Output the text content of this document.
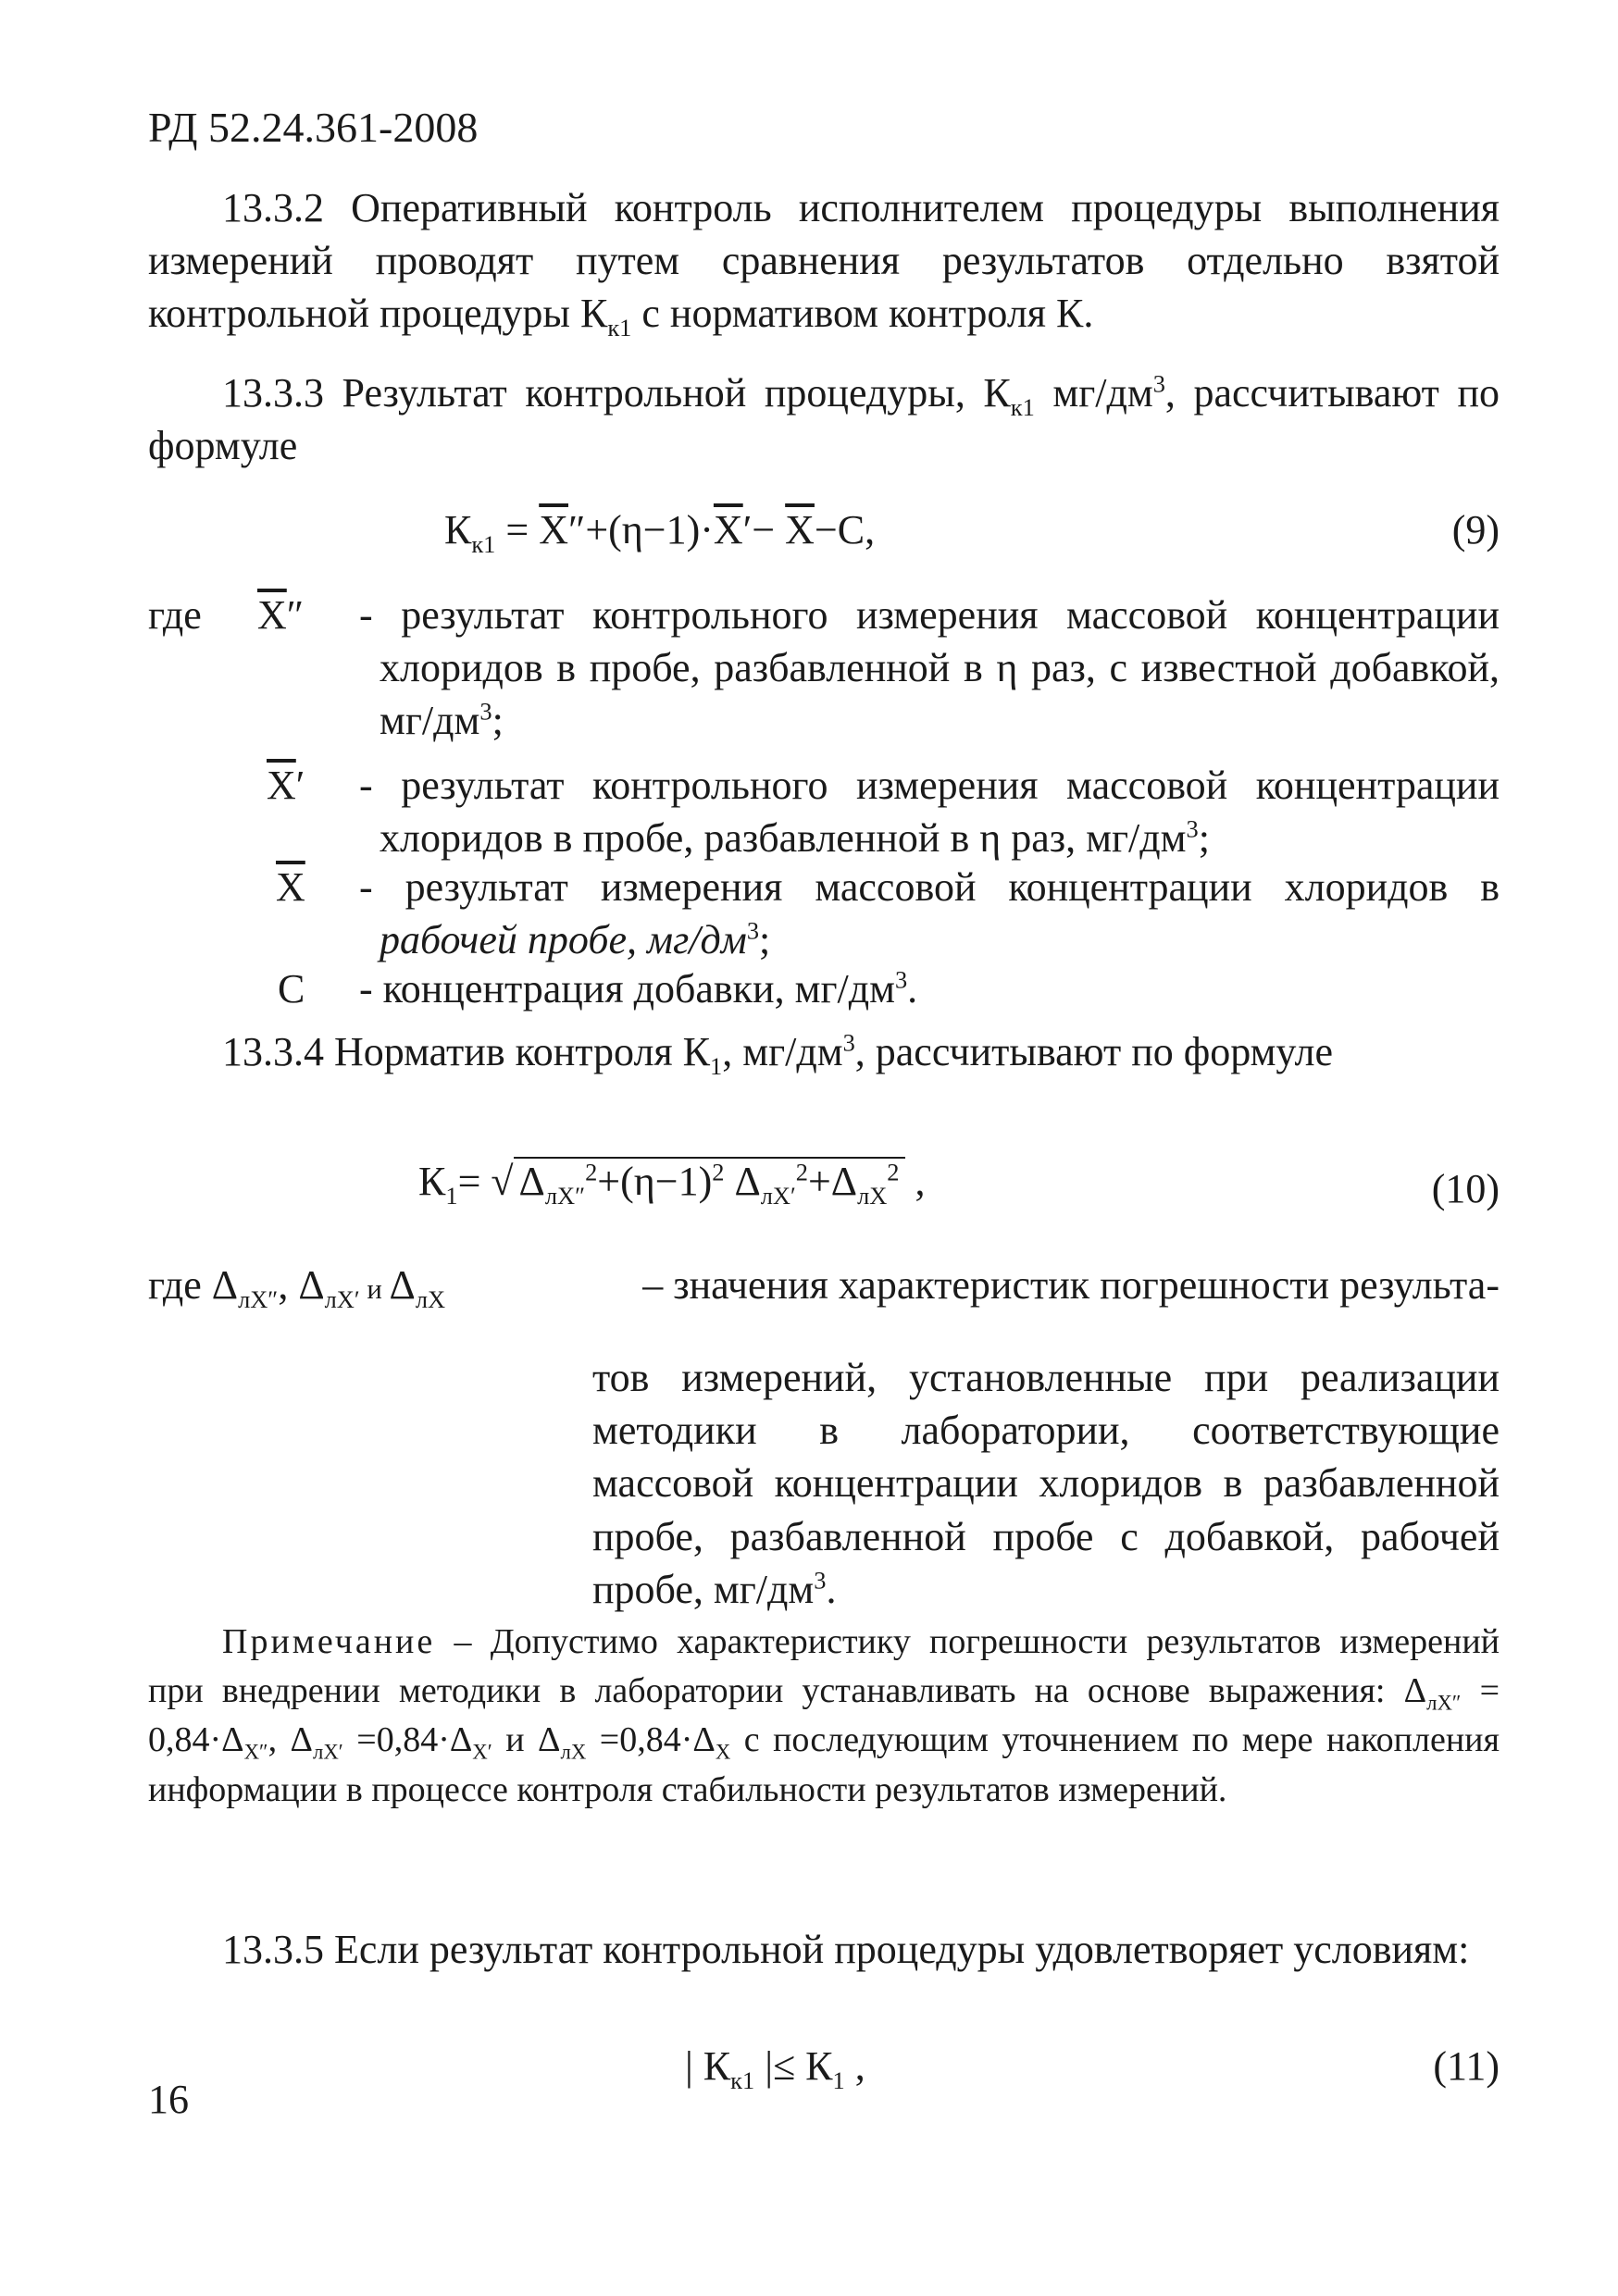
РД 52.24.361-2008
13.3.2 Оперативный контроль исполнителем процедуры выполнения измерений проводят путем сравнения результатов отдельно взятой контрольной процедуры $К_{к1}$ с нормативом контроля К.
13.3.3 Результат контрольной процедуры, $К_{к1}$ $мг/дм^3$, рассчитывают по формуле
$К_{к1} = \overline{X}''+(\eta-1)\cdot\overline{X}'- \overline{X}-С$,	(9)
где $\overline{X}''$ - результат контрольного измерения массовой концентрации хлоридов в пробе, разбавленной в η раз, с известной добавкой, $мг/дм^3$;
$\overline{X}'$ - результат контрольного измерения массовой концентрации хлоридов в пробе, разбавленной в η раз, $мг/дм^3$;
$\overline{X}$ - результат измерения массовой концентрации хлоридов в рабочей пробе, $мг/дм^3$;
С - концентрация добавки, $мг/дм^3$.
13.3.4 Норматив контроля $К_1$, $мг/дм^3$, рассчитывают по формуле
$К_1=$ √ $\Delta_{лX''}^2+(\eta-1)^2$ $\Delta_{лX'}^2+\Delta_{лX}^2$ ,	(10)
где $\Delta_{лX''}$, $\Delta_{лX'}$ и $\Delta_{лX}$	– значения характеристик погрешности результа-
тов измерений, установленные при реализации методики в лаборатории, соответствующие массовой концентрации хлоридов в разбавленной пробе, разбавленной пробе с добавкой, рабочей пробе, $мг/дм^3$.
Примечание – Допустимо характеристику погрешности результатов измерений при внедрении методики в лаборатории устанавливать на основе выражения: $\Delta_{лX''} = 0,84\cdot\Delta_{X''}$, $\Delta_{лX'} =0,84\cdot\Delta_{X'}$ и $\Delta_{лX} =0,84\cdot\Delta_X$ с последующим уточнением по мере накопления информации в процессе контроля стабильности результатов измерений.
13.3.5 Если результат контрольной процедуры удовлетворяет условиям:
| $К_{к1}$ |≤ $К_1$ ,	(11)
16
